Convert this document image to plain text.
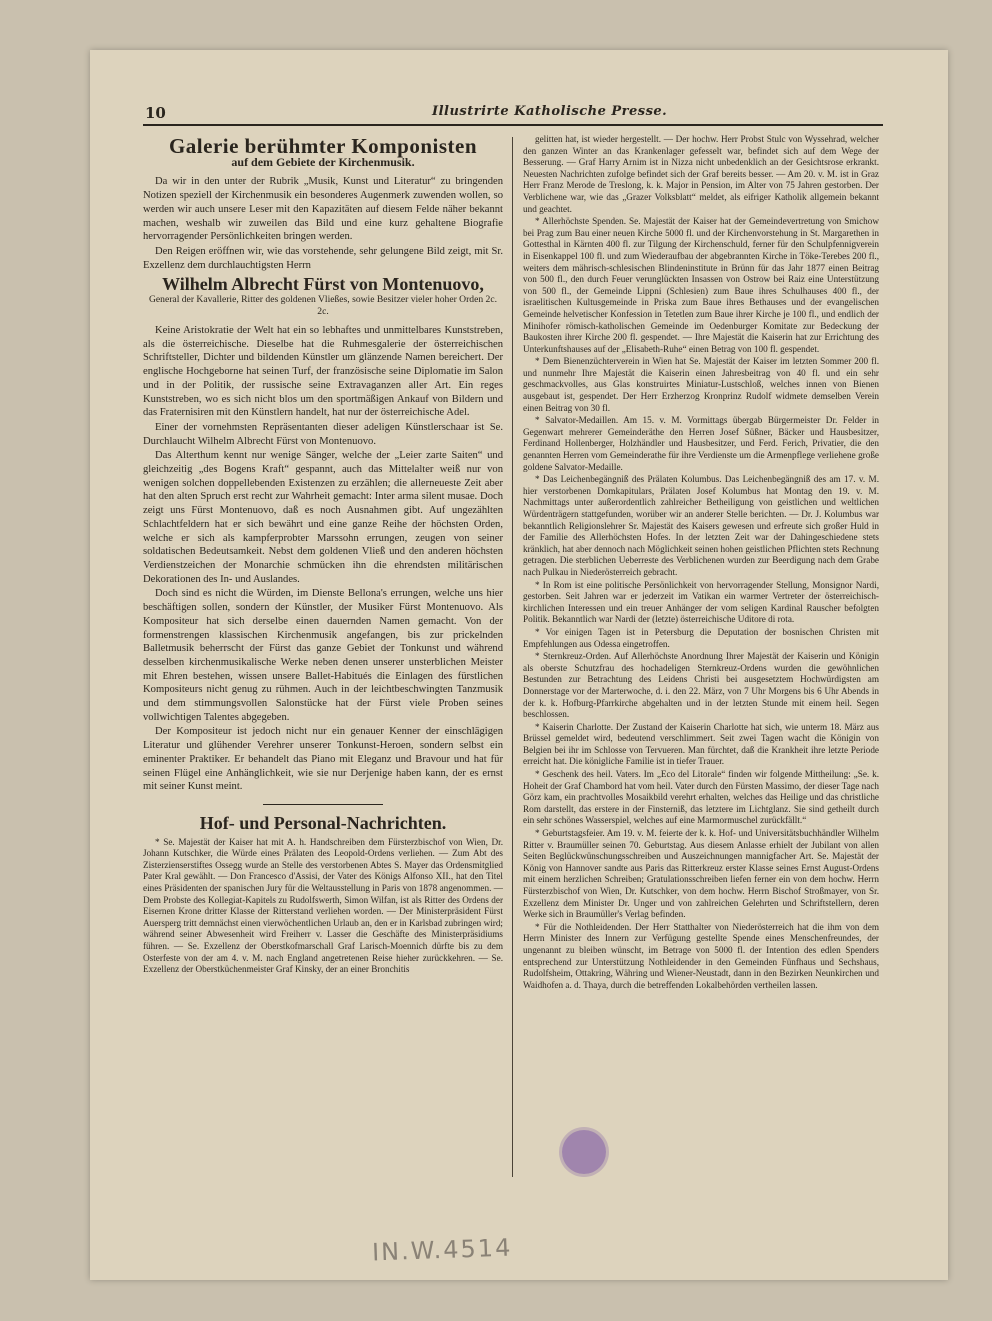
10	Illustrirte Katholische Presse.
Galerie berühmter Komponisten
auf dem Gebiete der Kirchenmusik.

Da wir in den unter der Rubrik „Musik, Kunst und Literatur“ zu bringenden Notizen speziell der Kirchenmusik ein besonderes Augenmerk zuwenden wollen, so werden wir auch unsere Leser mit den Kapazitäten auf diesem Felde näher bekannt machen, weshalb wir zuweilen das Bild und eine kurz gehaltene Biografie hervorragender Persönlichkeiten bringen werden.

Den Reigen eröffnen wir, wie das vorstehende, sehr gelungene Bild zeigt, mit Sr. Exzellenz dem durchlauchtigsten Herrn

Wilhelm Albrecht Fürst von Montenuovo,
General der Kavallerie, Ritter des goldenen Vließes, sowie Besitzer vieler hoher Orden 2c. 2c.

Keine Aristokratie der Welt hat ein so lebhaftes und unmittelbares Kunststreben, als die österreichische. Dieselbe hat die Ruhmesgalerie der österreichischen Schriftsteller, Dichter und bildenden Künstler um glänzende Namen bereichert. Der englische Hochgeborne hat seinen Turf, der französische seine Diplomatie im Salon und in der Politik, der russische seine Extravaganzen aller Art. Ein reges Kunststreben, wo es sich nicht blos um den sportmäßigen Ankauf von Bildern und das Fraternisiren mit den Künstlern handelt, hat nur der österreichische Adel.

Einer der vornehmsten Repräsentanten dieser adeligen Künstlerschaar ist Se. Durchlaucht Wilhelm Albrecht Fürst von Montenuovo.

Das Alterthum kennt nur wenige Sänger, welche der „Leier zarte Saiten“ und gleichzeitig „des Bogens Kraft“ gespannt, auch das Mittelalter weiß nur von wenigen solchen doppellebenden Existenzen zu erzählen; die allerneueste Zeit aber hat den alten Spruch erst recht zur Wahrheit gemacht: Inter arma silent musae. Doch zeigt uns Fürst Montenuovo, daß es noch Ausnahmen gibt. Auf ungezählten Schlachtfeldern hat er sich bewährt und eine ganze Reihe der höchsten Orden, welche er sich als kampferprobter Marssohn errungen, zeugen von seiner soldatischen Bedeutsamkeit. Nebst dem goldenen Vließ und den anderen höchsten Verdienstzeichen der Monarchie schmücken ihn die ehrendsten militärischen Dekorationen des In- und Auslandes.

Doch sind es nicht die Würden, im Dienste Bellona's errungen, welche uns hier beschäftigen sollen, sondern der Künstler, der Musiker Fürst Montenuovo. Als Kompositeur hat sich derselbe einen dauernden Namen gemacht. Von der formenstrengen klassischen Kirchenmusik angefangen, bis zur prickelnden Balletmusik beherrscht der Fürst das ganze Gebiet der Tonkunst und während desselben kirchenmusikalische Werke neben denen unserer unsterblichen Meister mit Ehren bestehen, wissen unsere Ballet-Habitués die Einlagen des fürstlichen Kompositeurs nicht genug zu rühmen. Auch in der leichtbeschwingten Tanzmusik und dem stimmungsvollen Salonstücke hat der Fürst viele Proben seines vollwichtigen Talentes abgegeben.

Der Kompositeur ist jedoch nicht nur ein genauer Kenner der einschlägigen Literatur und glühender Verehrer unserer Tonkunst-Heroen, sondern selbst ein eminenter Praktiker. Er behandelt das Piano mit Eleganz und Bravour und hat für seinen Flügel eine Anhänglichkeit, wie sie nur Derjenige haben kann, der es ernst mit seiner Kunst meint.

Hof- und Personal-Nachrichten.

* Se. Majestät der Kaiser hat mit A. h. Handschreiben dem Fürsterzbischof von Wien, Dr. Johann Kutschker, die Würde eines Prälaten des Leopold-Ordens verliehen. — Zum Abt des Zisterzienserstiftes Ossegg wurde an Stelle des verstorbenen Abtes S. Mayer das Ordensmitglied Pater Kral gewählt. — Don Francesco d'Assisi, der Vater des Königs Alfonso XII., hat den Titel eines Präsidenten der spanischen Jury für die Weltausstellung in Paris von 1878 angenommen. — Dem Probste des Kollegiat-Kapitels zu Rudolfswerth, Simon Wilfan, ist als Ritter des Ordens der Eisernen Krone dritter Klasse der Ritterstand verliehen worden. — Der Ministerpräsident Fürst Auersperg tritt demnächst einen vierwöchentlichen Urlaub an, den er in Karlsbad zubringen wird; während seiner Abwesenheit wird Freiherr v. Lasser die Geschäfte des Ministerpräsidiums führen. — Se. Exzellenz der Oberstkofmarschall Graf Larisch-Moennich dürfte bis zu dem Osterfeste von der am 4. v. M. nach England angetretenen Reise hieher zurückkehren. — Se. Exzellenz der Oberstküchenmeister Graf Kinsky, der an einer Bronchitis

gelitten hat, ist wieder hergestellt. — Der hochw. Herr Probst Stulc von Wyssehrad, welcher den ganzen Winter an das Krankenlager gefesselt war, befindet sich auf dem Wege der Besserung. — Graf Harry Arnim ist in Nizza nicht unbedenklich an der Gesichtsrose erkrankt. Neuesten Nachrichten zufolge befindet sich der Graf bereits besser. — Am 20. v. M. ist in Graz Herr Franz Merode de Treslong, k. k. Major in Pension, im Alter von 75 Jahren gestorben. Der Verblichene war, wie das „Grazer Volksblatt“ meldet, als eifriger Katholik allgemein bekannt und geachtet.

* Allerhöchste Spenden. Se. Majestät der Kaiser hat der Gemeindevertretung von Smichow bei Prag zum Bau einer neuen Kirche 5000 fl. und der Kirchenvorstehung in St. Margarethen in Gottesthal in Kärnten 400 fl. zur Tilgung der Kirchenschuld, ferner für den Schulpfennigverein in Eisenkappel 100 fl. und zum Wiederaufbau der abgebrannten Kirche in Töke-Terebes 200 fl., weiters dem mährisch-schlesischen Blindeninstitute in Brünn für das Jahr 1877 einen Beitrag von 500 fl., den durch Feuer verunglückten Insassen von Ostrow bei Raiz eine Unterstützung von 500 fl., der Gemeinde Lippni (Schlesien) zum Baue ihres Schulhauses 400 fl., der israelitischen Kultusgemeinde in Priska zum Baue ihres Bethauses und der evangelischen Gemeinde helvetischer Konfession in Tetetlen zum Baue ihrer Kirche je 100 fl., und endlich der Minihofer römisch-katholischen Gemeinde im Oedenburger Komitate zur Bedeckung der Baukosten ihrer Kirche 200 fl. gespendet. — Ihre Majestät die Kaiserin hat zur Errichtung des Unterkunftshauses auf der „Elisabeth-Ruhe“ einen Betrag von 100 fl. gespendet.

* Dem Bienenzüchterverein in Wien hat Se. Majestät der Kaiser im letzten Sommer 200 fl. und nunmehr Ihre Majestät die Kaiserin einen Jahresbeitrag von 40 fl. und ein sehr geschmackvolles, aus Glas konstruirtes Miniatur-Lustschloß, welches innen von Bienen ausgebaut ist, gespendet. Der Herr Erzherzog Kronprinz Rudolf widmete demselben Verein einen Beitrag von 30 fl.

* Salvator-Medaillen. Am 15. v. M. Vormittags übergab Bürgermeister Dr. Felder in Gegenwart mehrerer Gemeinderäthe den Herren Josef Süßner, Bäcker und Hausbesitzer, Ferdinand Hollenberger, Holzhändler und Hausbesitzer, und Ferd. Ferich, Privatier, die den genannten Herren vom Gemeinderathe für ihre Verdienste um die Armenpflege verliehene große goldene Salvator-Medaille.

* Das Leichenbegängniß des Prälaten Kolumbus. Das Leichenbegängniß des am 17. v. M. hier verstorbenen Domkapitulars, Prälaten Josef Kolumbus hat Montag den 19. v. M. Nachmittags unter außerordentlich zahlreicher Betheiligung von geistlichen und weltlichen Würdenträgern stattgefunden, worüber wir an anderer Stelle berichten. — Dr. J. Kolumbus war bekanntlich Religionslehrer Sr. Majestät des Kaisers gewesen und erfreute sich großer Huld in der Familie des Allerhöchsten Hofes. In der letzten Zeit war der Dahingeschiedene stets kränklich, hat aber dennoch nach Möglichkeit seinen hohen geistlichen Pflichten stets Rechnung getragen. Die sterblichen Ueberreste des Verblichenen wurden zur Beerdigung nach dem Grabe nach Pulkau in Niederösterreich gebracht.

* In Rom ist eine politische Persönlichkeit von hervorragender Stellung, Monsignor Nardi, gestorben. Seit Jahren war er jederzeit im Vatikan ein warmer Vertreter der österreichisch-kirchlichen Interessen und ein treuer Anhänger der vom seligen Kardinal Rauscher befolgten Politik. Bekanntlich war Nardi der (letzte) österreichische Uditore di rota.

* Vor einigen Tagen ist in Petersburg die Deputation der bosnischen Christen mit Empfehlungen aus Odessa eingetroffen.

* Sternkreuz-Orden. Auf Allerhöchste Anordnung Ihrer Majestät der Kaiserin und Königin als oberste Schutzfrau des hochadeligen Sternkreuz-Ordens wurden die gewöhnlichen Bestunden zur Betrachtung des Leidens Christi bei ausgesetztem Hochwürdigsten am Donnerstage vor der Marterwoche, d. i. den 22. März, von 7 Uhr Morgens bis 6 Uhr Abends in der k. k. Hofburg-Pfarrkirche abgehalten und in der letzten Stunde mit einem heil. Segen beschlossen.

* Kaiserin Charlotte. Der Zustand der Kaiserin Charlotte hat sich, wie unterm 18. März aus Brüssel gemeldet wird, bedeutend verschlimmert. Seit zwei Tagen wacht die Königin von Belgien bei ihr im Schlosse von Tervueren. Man fürchtet, daß die Krankheit ihre letzte Periode erreicht hat. Die königliche Familie ist in tiefer Trauer.

* Geschenk des heil. Vaters. Im „Eco del Litorale“ finden wir folgende Mittheilung: „Se. k. Hoheit der Graf Chambord hat vom heil. Vater durch den Fürsten Massimo, der dieser Tage nach Görz kam, ein prachtvolles Mosaikbild verehrt erhalten, welches das Heilige und das christliche Rom darstellt, das erstere in der Finsterniß, das letztere im Lichtglanz. Sie sind getheilt durch ein sehr schönes Wasserspiel, welches auf eine Marmormuschel zurückfällt.“

* Geburtstagsfeier. Am 19. v. M. feierte der k. k. Hof- und Universitätsbuchhändler Wilhelm Ritter v. Braumüller seinen 70. Geburtstag. Aus diesem Anlasse erhielt der Jubilant von allen Seiten Beglückwünschungsschreiben und Auszeichnungen mannigfacher Art. Se. Majestät der König von Hannover sandte aus Paris das Ritterkreuz erster Klasse seines Ernst August-Ordens mit einem herzlichen Schreiben; Gratulationsschreiben liefen ferner ein von dem hochw. Herrn Fürsterzbischof von Wien, Dr. Kutschker, von dem hochw. Herrn Bischof Stroßmayer, von Sr. Exzellenz dem Minister Dr. Unger und von zahlreichen Gelehrten und Schriftstellern, deren Werke sich in Braumüller's Verlag befinden.

* Für die Nothleidenden. Der Herr Statthalter von Niederösterreich hat die ihm von dem Herrn Minister des Innern zur Verfügung gestellte Spende eines Menschenfreundes, der ungenannt zu bleiben wünscht, im Betrage von 5000 fl. der Intention des edlen Spenders entsprechend zur Unterstützung Nothleidender in den Gemeinden Fünfhaus und Sechshaus, Rudolfsheim, Ottakring, Währing und Wiener-Neustadt, dann in den Bezirken Neunkirchen und Waidhofen a. d. Thaya, durch die betreffenden Lokalbehörden vertheilen lassen.

IN.W.4514
